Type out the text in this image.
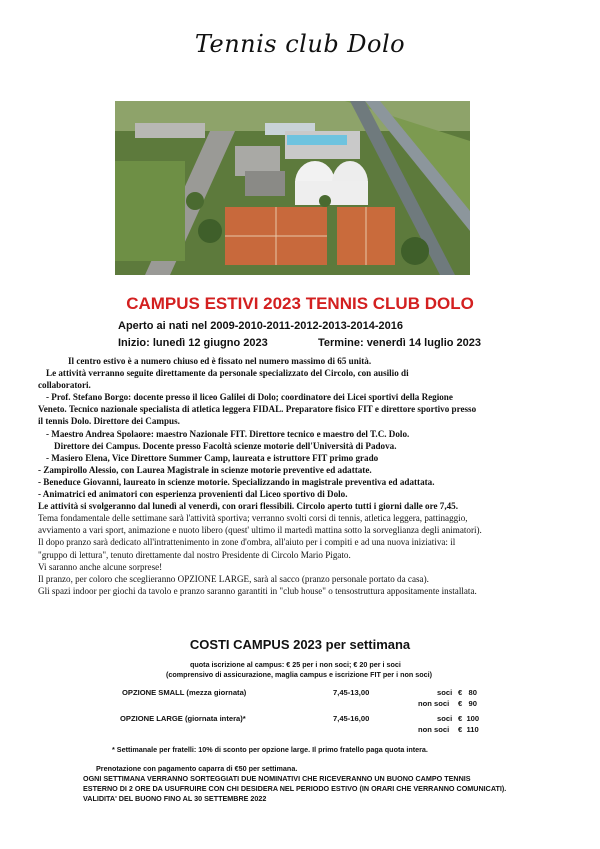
Tennis club Dolo
CAMPUS ESTIVI 2023 TENNIS CLUB DOLO
Aperto ai nati nel 2009-2010-2011-2012-2013-2014-2016
Inizio: lunedì 12 giugno 2023	Termine: venerdì 14 luglio 2023

Il centro estivo è a numero chiuso ed è fissato nel numero massimo di 65 unità.

Le attività verranno seguite direttamente da personale specializzato del Circolo, con ausilio di

collaboratori.

- Prof. Stefano Borgo: docente presso il liceo Galilei di Dolo; coordinatore dei Licei sportivi della Regione

Veneto. Tecnico nazionale specialista di atletica leggera FIDAL. Preparatore fisico FIT e direttore sportivo presso

il tennis Dolo. Direttore dei Campus.

- Maestro Andrea Spolaore: maestro Nazionale FIT. Direttore tecnico e maestro del T.C. Dolo.

Direttore dei Campus. Docente presso Facoltà scienze motorie dell'Università di Padova.

- Masiero Elena, Vice Direttore Summer Camp, laureata e istruttore FIT primo grado

- Zampirollo Alessio, con Laurea Magistrale in scienze motorie preventive ed adattate.

- Beneduce Giovanni, laureato in scienze motorie. Specializzando in magistrale preventiva ed adattata.

- Animatrici ed animatori con esperienza provenienti dal Liceo sportivo di Dolo.

Le attività si svolgeranno dal lunedì al venerdì, con orari flessibili. Circolo aperto tutti i giorni dalle ore 7,45.

Tema fondamentale delle settimane sarà l'attività sportiva; verranno svolti corsi di tennis, atletica leggera, pattinaggio,

avviamento a vari sport, animazione e nuoto libero (quest' ultimo il martedì mattina sotto la sorveglianza degli animatori).

Il dopo pranzo sarà dedicato all'intrattenimento in zone d'ombra, all'aiuto per i compiti e ad una nuova iniziativa: il

"gruppo di lettura", tenuto direttamente dal nostro Presidente di Circolo Mario Pigato.

Vi saranno anche alcune sorprese!

Il pranzo, per coloro che sceglieranno OPZIONE LARGE, sarà al sacco (pranzo personale portato da casa).

Gli spazi indoor per giochi da tavolo e pranzo saranno garantiti in "club house" o tensostruttura appositamente installata.

COSTI CAMPUS 2023 per settimana
quota iscrizione al campus: € 25 per i non soci; € 20 per i soci
(comprensivo di assicurazione, maglia campus e iscrizione FIT per i non soci)
OPZIONE SMALL (mezza giornata)	7,45-13,00	soci €   80
non soci €   90
OPZIONE LARGE (giornata intera)*	7,45-16,00	soci €  100
non soci €  110
* Settimanale per fratelli: 10% di sconto per opzione large. Il primo fratello paga quota intera.
Prenotazione con pagamento caparra di €50 per settimana.
OGNI SETTIMANA VERRANNO SORTEGGIATI DUE NOMINATIVI CHE RICEVERANNO UN BUONO CAMPO TENNIS
ESTERNO DI 2 ORE DA USUFRUIRE CON CHI DESIDERA NEL PERIODO ESTIVO (IN ORARI CHE VERRANNO COMUNICATI).
VALIDITA' DEL BUONO FINO AL 30 SETTEMBRE 2022
